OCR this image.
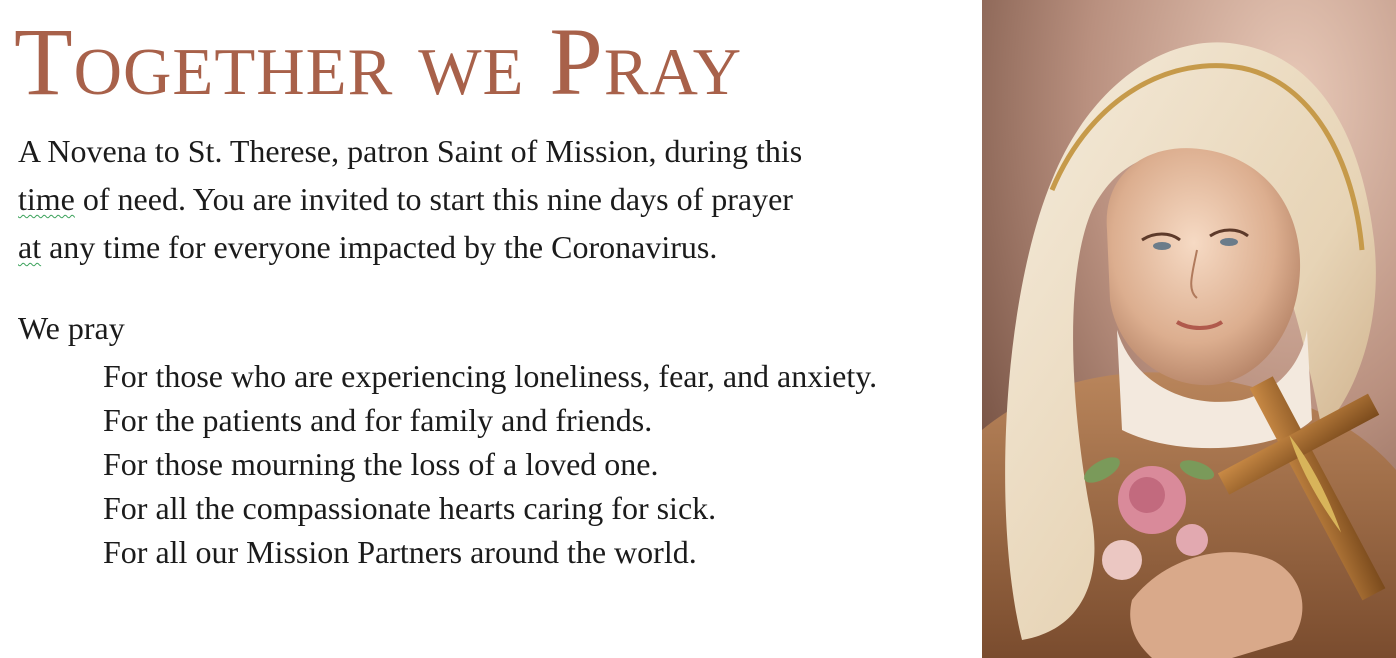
Together we Pray

A Novena to St. Therese, patron Saint of Mission, during this
time of need. You are invited to start this nine days of prayer
at any time for everyone impacted by the Coronavirus.

We pray

For those who are experiencing loneliness, fear, and anxiety.
For the patients and for family and friends.
For those mourning the loss of a loved one.
For all the compassionate hearts caring for sick.
For all our Mission Partners around the world.
